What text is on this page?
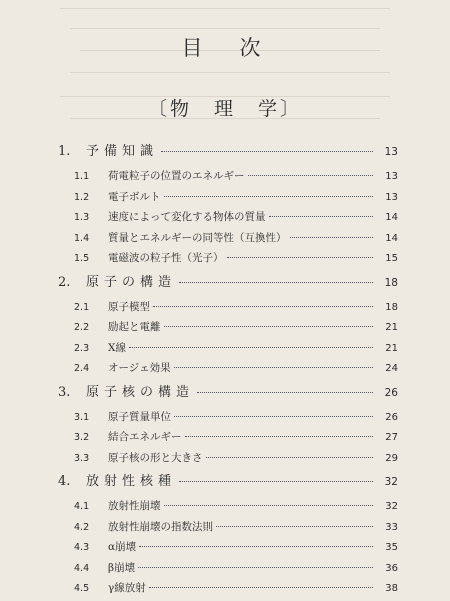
目　次
〔物　理　学〕
1.	予備知識	13
1.1	荷電粒子の位置のエネルギー	13
1.2	電子ボルト	13
1.3	速度によって変化する物体の質量	14
1.4	質量とエネルギーの同等性（互換性）	14
1.5	電磁波の粒子性（光子）	15
2.	原子の構造	18
2.1	原子模型	18
2.2	励起と電離	21
2.3	X線	21
2.4	オージェ効果	24
3.	原子核の構造	26
3.1	原子質量単位	26
3.2	結合エネルギー	27
3.3	原子核の形と大きさ	29
4.	放射性核種	32
4.1	放射性崩壊	32
4.2	放射性崩壊の指数法則	33
4.3	α崩壊	35
4.4	β崩壊	36
4.5	γ線放射	38
